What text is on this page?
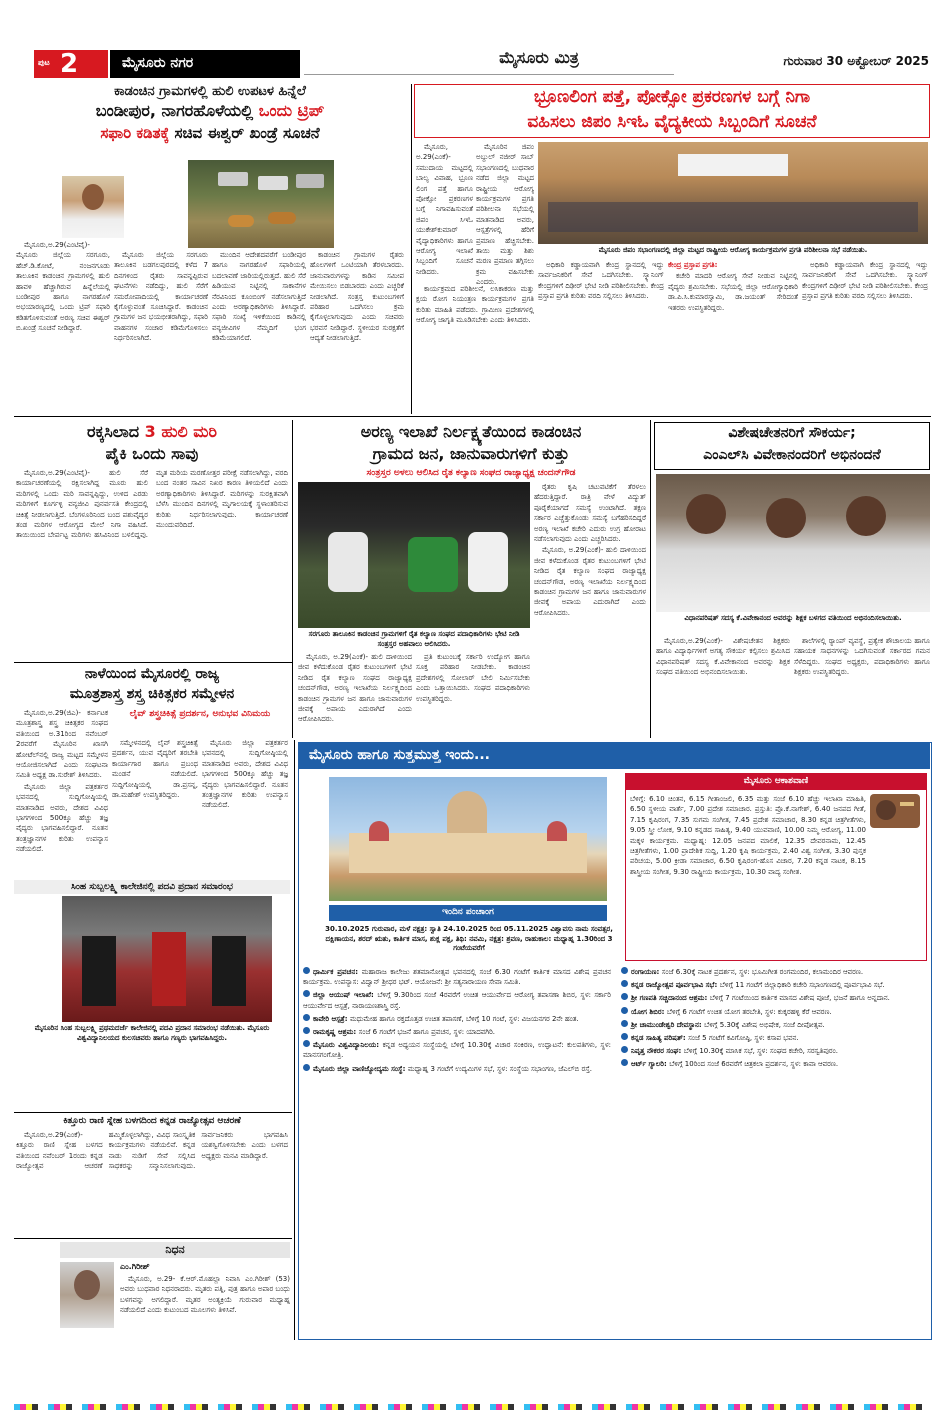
ಪುಟ 2	ಮೈಸೂರು ನಗರ	ಮೈಸೂರು ಮಿತ್ರ	ಗುರುವಾರ 30 ಅಕ್ಟೋಬರ್ 2025
ಕಾಡಂಚಿನ ಗ್ರಾಮಗಳಲ್ಲಿ ಹುಲಿ ಉಪಟಳ ಹಿನ್ನೆಲೆ
ಬಂಡೀಪುರ, ನಾಗರಹೊಳೆಯಲ್ಲಿ ಒಂದು ಟ್ರಿಪ್
ಸಫಾರಿ ಕಡಿತಕ್ಕೆ ಸಚಿವ ಈಶ್ವರ್ ಖಂಡ್ರೆ ಸೂಚನೆ

ಮೈಸೂರು,ಅ.29(ಎಂಟಿವೈ)- ಮೈಸೂರು ಜಿಲ್ಲೆಯ ಸರಗೂರು, ಹೆಚ್.ಡಿ.ಕೋಟೆ, ನಂಜನಗೂಡು ತಾಲೂಕಿನ ಕಾಡಂಚಿನ ಗ್ರಾಮಗಳಲ್ಲಿ ಹುಲಿ ಹಾವಳಿ ಹೆಚ್ಚಾಗಿರುವ ಹಿನ್ನೆಲೆಯಲ್ಲಿ ಬಂಡೀಪುರ ಹಾಗೂ ನಾಗರಹೊಳೆ ಅಭಯಾರಣ್ಯದಲ್ಲಿ ಒಂದು ಟ್ರಿಪ್ ಸಫಾರಿ ಕಡಿತಗೊಳಿಸುವಂತೆ ಅರಣ್ಯ ಸಚಿವ ಈಶ್ವರ್ ಬಿ.ಖಂಡ್ರೆ ಸೂಚನೆ ನೀಡಿದ್ದಾರೆ.

ಮೈಸೂರು ಜಿಲ್ಲೆಯ ಸರಗೂರು ತಾಲೂಕಿನ ಬಡಗಲಪುರದಲ್ಲಿ ಕಳೆದ 7 ದಿನಗಳಿಂದ ರೈತರು ಸಾವನ್ನಪ್ಪಿರುವ ಘಟನೆಗಳು ನಡೆದಿದ್ದು, ಹುಲಿ ಸೆರೆಗೆ ಸಮರೋಪಾದಿಯಲ್ಲಿ ಕಾರ್ಯಾಚರಣೆ ಕೈಗೊಳ್ಳುವಂತೆ ಸೂಚಿಸಿದ್ದಾರೆ. ಕಾಡಂಚಿನ ಗ್ರಾಮಗಳ ಜನ ಭಯಭೀತರಾಗಿದ್ದು, ಸಫಾರಿ ವಾಹನಗಳ ಸಂಚಾರ ಕಡಿಮೆಗೊಳಿಸಲು ನಿರ್ಧರಿಸಲಾಗಿದೆ.

ಮುಂದಿನ ಆದೇಶದವರೆಗೆ ಬಂಡೀಪುರ ಹಾಗೂ ನಾಗರಹೊಳೆ ಸಫಾರಿಯಲ್ಲಿ ಬದಲಾವಣೆ ಜಾರಿಯಲ್ಲಿರುತ್ತದೆ. ಹುಲಿ ಸೆರೆ ಹಿಡಿಯುವ ನಿಟ್ಟಿನಲ್ಲಿ ಸಾಕಾನೆಗಳ ನೆರವಿನಿಂದ ಕೂಂಬಿಂಗ್ ನಡೆಸಲಾಗುತ್ತಿದೆ ಎಂದು ಅರಣ್ಯಾಧಿಕಾರಿಗಳು ತಿಳಿಸಿದ್ದಾರೆ. ಸಫಾರಿ ಸಂಖ್ಯೆ ಇಳಿಕೆಯಿಂದ ಕಾಡಿನಲ್ಲಿ ವನ್ಯಜೀವಿಗಳ ನೆಮ್ಮದಿಗೆ ಭಂಗ ಕಡಿಮೆಯಾಗಲಿದೆ.

ಕಾಡಂಚಿನ ಗ್ರಾಮಗಳ ರೈತರು ಹೊಲಗಳಿಗೆ ಒಂಟಿಯಾಗಿ ತೆರಳಬಾರದು. ಜಾನುವಾರುಗಳನ್ನು ಕಾಡಿನ ಸಮೀಪ ಮೇಯಿಸಲು ಬಿಡಬಾರದು ಎಂದು ಎಚ್ಚರಿಕೆ ನೀಡಲಾಗಿದೆ. ಸಂತ್ರಸ್ತ ಕುಟುಂಬಗಳಿಗೆ ಪರಿಹಾರ ಒದಗಿಸಲು ಕ್ರಮ ಕೈಗೊಳ್ಳಲಾಗುವುದು ಎಂದು ಸಚಿವರು ಭರವಸೆ ನೀಡಿದ್ದಾರೆ. ಸ್ಥಳೀಯರ ಸುರಕ್ಷತೆಗೆ ಆದ್ಯತೆ ನೀಡಲಾಗುತ್ತಿದೆ.

ಭ್ರೂಣಲಿಂಗ ಪತ್ತೆ, ಪೋಕ್ಸೋ ಪ್ರಕರಣಗಳ ಬಗ್ಗೆ ನಿಗಾ
ವಹಿಸಲು ಜಿಪಂ ಸಿಇಓ ವೈದ್ಯಕೀಯ ಸಿಬ್ಬಂದಿಗೆ ಸೂಚನೆ

ಮೈಸೂರು, ಅ.29(ಎಂಕೆ)- ಸಮುದಾಯ ಮಟ್ಟದಲ್ಲಿ ಬಾಲ್ಯ ವಿವಾಹ, ಭ್ರೂಣ ಲಿಂಗ ಪತ್ತೆ ಹಾಗೂ ಪೋಕ್ಸೋ ಪ್ರಕರಣಗಳ ಬಗ್ಗೆ ನಿಗಾವಹಿಸುವಂತೆ ಜಿಪಂ ಸಿಇಓ ಯುಕೇಶ್‌ಕುಮಾರ್ ವೈದ್ಯಾಧಿಕಾರಿಗಳು ಹಾಗೂ ಆರೋಗ್ಯ ಇಲಾಖೆ ಸಿಬ್ಬಂದಿಗೆ ಸೂಚನೆ ನೀಡಿದರು.

ಮೈಸೂರಿನ ಜಿಪಂ ಅಬ್ದುಲ್ ನಜೀರ್ ಸಾಬ್ ಸಭಾಂಗಣದಲ್ಲಿ ಬುಧವಾರ ನಡೆದ ಜಿಲ್ಲಾ ಮಟ್ಟದ ರಾಷ್ಟ್ರೀಯ ಆರೋಗ್ಯ ಕಾರ್ಯಕ್ರಮಗಳ ಪ್ರಗತಿ ಪರಿಶೀಲನಾ ಸಭೆಯಲ್ಲಿ ಮಾತನಾಡಿದ ಅವರು, ಆಸ್ಪತ್ರೆಗಳಲ್ಲಿ ಹೆರಿಗೆ ಪ್ರಮಾಣ ಹೆಚ್ಚಿಸಬೇಕು. ತಾಯಿ ಮತ್ತು ಶಿಶು ಮರಣ ಪ್ರಮಾಣ ತಗ್ಗಿಸಲು ಕ್ರಮ ವಹಿಸಬೇಕು ಎಂದರು.

ಮೈಸೂರು ಜಿಪಂ ಸಭಾಂಗಣದಲ್ಲಿ ಜಿಲ್ಲಾ ಮಟ್ಟದ ರಾಷ್ಟ್ರೀಯ ಆರೋಗ್ಯ ಕಾರ್ಯಕ್ರಮಗಳ ಪ್ರಗತಿ ಪರಿಶೀಲನಾ ಸಭೆ ನಡೆಯಿತು.

ಕಾರ್ಯಕ್ರಮದ ಪರಿಶೀಲನೆ, ಲಸಿಕಾಕರಣ ಮತ್ತು ಕ್ಷಯ ರೋಗ ನಿಯಂತ್ರಣ ಕಾರ್ಯಕ್ರಮಗಳ ಪ್ರಗತಿ ಕುರಿತು ಮಾಹಿತಿ ಪಡೆದರು. ಗ್ರಾಮೀಣ ಪ್ರದೇಶಗಳಲ್ಲಿ ಆರೋಗ್ಯ ಜಾಗೃತಿ ಮೂಡಿಸಬೇಕು ಎಂದು ತಿಳಿಸಿದರು.

ಅಧಿಕಾರಿ ಕಡ್ಡಾಯವಾಗಿ ಕೇಂದ್ರ ಸ್ಥಾನದಲ್ಲಿ ಇದ್ದು ಸಾರ್ವಜನಿಕರಿಗೆ ಸೇವೆ ಒದಗಿಸಬೇಕು. ಸ್ಕ್ಯಾನಿಂಗ್ ಕೇಂದ್ರಗಳಿಗೆ ದಿಢೀರ್ ಭೇಟಿ ನೀಡಿ ಪರಿಶೀಲಿಸಬೇಕು. ಕೇಂದ್ರ ಪ್ರಸ್ತಾಪ ಪ್ರಗತಿ ಕುರಿತು ವರದಿ ಸಲ್ಲಿಸಲು ತಿಳಿಸಿದರು.

ಕೇಂದ್ರ ಪ್ರಸ್ತಾಪ ಪ್ರಗತಿ:

ಕಚೇರಿ ಮಾದರಿ ಆರೋಗ್ಯ ಸೇವೆ ನೀಡುವ ನಿಟ್ಟಿನಲ್ಲಿ ವೈದ್ಯರು ಶ್ರಮಿಸಬೇಕು. ಸಭೆಯಲ್ಲಿ ಜಿಲ್ಲಾ ಆರೋಗ್ಯಾಧಿಕಾರಿ ಡಾ.ಪಿ.ಸಿ.ಕುಮಾರಸ್ವಾಮಿ, ಡಾ.ಜಯಂತ್ ಸೇರಿದಂತೆ ಇತರರು ಉಪಸ್ಥಿತರಿದ್ದರು.

ಅಧಿಕಾರಿ ಕಡ್ಡಾಯವಾಗಿ ಕೇಂದ್ರ ಸ್ಥಾನದಲ್ಲಿ ಇದ್ದು ಸಾರ್ವಜನಿಕರಿಗೆ ಸೇವೆ ಒದಗಿಸಬೇಕು. ಸ್ಕ್ಯಾನಿಂಗ್ ಕೇಂದ್ರಗಳಿಗೆ ದಿಢೀರ್ ಭೇಟಿ ನೀಡಿ ಪರಿಶೀಲಿಸಬೇಕು. ಕೇಂದ್ರ ಪ್ರಸ್ತಾಪ ಪ್ರಗತಿ ಕುರಿತು ವರದಿ ಸಲ್ಲಿಸಲು ತಿಳಿಸಿದರು.

ರಕ್ಕಸಿಲಾದ 3 ಹುಲಿ ಮರಿ
ಪೈಕಿ ಒಂದು ಸಾವು

ಮೈಸೂರು,ಅ.29(ಎಂಟಿವೈ)- ಹುಲಿ ಸೆರೆ ಕಾರ್ಯಾಚರಣೆಯಲ್ಲಿ ರಕ್ಷಿಸಲಾಗಿದ್ದ ಮೂರು ಹುಲಿ ಮರಿಗಳಲ್ಲಿ ಒಂದು ಮರಿ ಸಾವನ್ನಪ್ಪಿದ್ದು, ಉಳಿದ ಎರಡು ಮರಿಗಳಿಗೆ ಕೂರ್ಗಳ್ಳಿ ವನ್ಯಜೀವಿ ಪುನರ್ವಸತಿ ಕೇಂದ್ರದಲ್ಲಿ ಚಿಕಿತ್ಸೆ ನೀಡಲಾಗುತ್ತಿದೆ. ಬೆಂಗಳೂರಿನಿಂದ ಬಂದ ಪಶುವೈದ್ಯರ ತಂಡ ಮರಿಗಳ ಆರೋಗ್ಯದ ಮೇಲೆ ನಿಗಾ ವಹಿಸಿದೆ. ತಾಯಿಯಿಂದ ಬೇರ್ಪಟ್ಟ ಮರಿಗಳು ಹಸಿವಿನಿಂದ ಬಳಲಿದ್ದವು. ಮೃತ ಮರಿಯ ಮರಣೋತ್ತರ ಪರೀಕ್ಷೆ ನಡೆಸಲಾಗಿದ್ದು, ವರದಿ ಬಂದ ನಂತರ ಸಾವಿನ ನಿಖರ ಕಾರಣ ತಿಳಿಯಲಿದೆ ಎಂದು ಅರಣ್ಯಾಧಿಕಾರಿಗಳು ತಿಳಿಸಿದ್ದಾರೆ. ಮರಿಗಳನ್ನು ಸುರಕ್ಷಿತವಾಗಿ ಬೆಳೆಸಿ ಮುಂದಿನ ದಿನಗಳಲ್ಲಿ ಮೃಗಾಲಯಕ್ಕೆ ಸ್ಥಳಾಂತರಿಸುವ ಕುರಿತು ನಿರ್ಧರಿಸಲಾಗುವುದು. ಕಾರ್ಯಾಚರಣೆ ಮುಂದುವರಿದಿದೆ.

ಅರಣ್ಯ ಇಲಾಖೆ ನಿರ್ಲಕ್ಷ್ಯತೆಯಿಂದ ಕಾಡಂಚಿನ
ಗ್ರಾಮದ ಜನ, ಜಾನುವಾರುಗಳಿಗೆ ಕುತ್ತು
ಸಂತ್ರಸ್ತರ ಅಳಲು ಆಲಿಸಿದ ರೈತ ಕಲ್ಯಾಣ ಸಂಘದ ರಾಜ್ಯಾಧ್ಯಕ್ಷ ಚಂದನ್‌ಗೌಡ
ಸರಗೂರು ತಾಲೂಕಿನ ಕಾಡಂಚಿನ ಗ್ರಾಮಗಳಿಗೆ ರೈತ ಕಲ್ಯಾಣ ಸಂಘದ ಪದಾಧಿಕಾರಿಗಳು ಭೇಟಿ ನೀಡಿ ಸಂತ್ರಸ್ತರ ಅಹವಾಲು ಆಲಿಸಿದರು.

ಮೈಸೂರು, ಅ.29(ಎಂಕೆ)- ಹುಲಿ ದಾಳಿಯಿಂದ ಜೀವ ಕಳೆದುಕೊಂಡ ರೈತರ ಕುಟುಂಬಗಳಿಗೆ ಭೇಟಿ ನೀಡಿದ ರೈತ ಕಲ್ಯಾಣ ಸಂಘದ ರಾಜ್ಯಾಧ್ಯಕ್ಷ ಚಂದನ್‌ಗೌಡ, ಅರಣ್ಯ ಇಲಾಖೆಯ ನಿರ್ಲಕ್ಷ್ಯದಿಂದ ಕಾಡಂಚಿನ ಗ್ರಾಮಗಳ ಜನ ಹಾಗೂ ಜಾನುವಾರುಗಳ ಜೀವಕ್ಕೆ ಅಪಾಯ ಎದುರಾಗಿದೆ ಎಂದು ಆರೋಪಿಸಿದರು.

ಪ್ರತಿ ಕುಟುಂಬಕ್ಕೆ ಸರ್ಕಾರಿ ಉದ್ಯೋಗ ಹಾಗೂ ಸೂಕ್ತ ಪರಿಹಾರ ನೀಡಬೇಕು. ಕಾಡಂಚಿನ ಪ್ರದೇಶಗಳಲ್ಲಿ ಸೋಲಾರ್ ಬೇಲಿ ನಿರ್ಮಿಸಬೇಕು ಎಂದು ಒತ್ತಾಯಿಸಿದರು. ಸಂಘದ ಪದಾಧಿಕಾರಿಗಳು ಉಪಸ್ಥಿತರಿದ್ದರು.

ರೈತರು ಕೃಷಿ ಚಟುವಟಿಕೆಗೆ ತೆರಳಲು ಹೆದರುತ್ತಿದ್ದಾರೆ. ರಾತ್ರಿ ವೇಳೆ ವಿದ್ಯುತ್ ಪೂರೈಕೆಯಾಗದೆ ಸಮಸ್ಯೆ ಉಂಟಾಗಿದೆ. ತಕ್ಷಣ ಸರ್ಕಾರ ಎಚ್ಚೆತ್ತುಕೊಂಡು ಸಮಸ್ಯೆ ಬಗೆಹರಿಸದಿದ್ದರೆ ಅರಣ್ಯ ಇಲಾಖೆ ಕಚೇರಿ ಎದುರು ಉಗ್ರ ಹೋರಾಟ ನಡೆಸಲಾಗುವುದು ಎಂದು ಎಚ್ಚರಿಸಿದರು.

ಮೈಸೂರು, ಅ.29(ಎಂಕೆ)- ಹುಲಿ ದಾಳಿಯಿಂದ ಜೀವ ಕಳೆದುಕೊಂಡ ರೈತರ ಕುಟುಂಬಗಳಿಗೆ ಭೇಟಿ ನೀಡಿದ ರೈತ ಕಲ್ಯಾಣ ಸಂಘದ ರಾಜ್ಯಾಧ್ಯಕ್ಷ ಚಂದನ್‌ಗೌಡ, ಅರಣ್ಯ ಇಲಾಖೆಯ ನಿರ್ಲಕ್ಷ್ಯದಿಂದ ಕಾಡಂಚಿನ ಗ್ರಾಮಗಳ ಜನ ಹಾಗೂ ಜಾನುವಾರುಗಳ ಜೀವಕ್ಕೆ ಅಪಾಯ ಎದುರಾಗಿದೆ ಎಂದು ಆರೋಪಿಸಿದರು.

ವಿಶೇಷಚೇತನರಿಗೆ ಸೌಕರ್ಯ;
ಎಂಎಲ್‌ಸಿ ವಿವೇಕಾನಂದರಿಗೆ ಅಭಿನಂದನೆ
ವಿಧಾನಪರಿಷತ್ ಸದಸ್ಯ ಕೆ.ವಿವೇಕಾನಂದ ಅವರನ್ನು ಶಿಕ್ಷಕ ಬಳಗದ ವತಿಯಿಂದ ಅಭಿನಂದಿಸಲಾಯಿತು.

ಮೈಸೂರು,ಅ.29(ಎಂಕೆ)- ವಿಶೇಷಚೇತನ ಶಿಕ್ಷಕರು ಹಾಗೂ ವಿದ್ಯಾರ್ಥಿಗಳಿಗೆ ಅಗತ್ಯ ಸೌಕರ್ಯ ಕಲ್ಪಿಸಲು ಶ್ರಮಿಸಿದ ವಿಧಾನಪರಿಷತ್ ಸದಸ್ಯ ಕೆ.ವಿವೇಕಾನಂದ ಅವರನ್ನು ಶಿಕ್ಷಕ ಸಂಘದ ವತಿಯಿಂದ ಅಭಿನಂದಿಸಲಾಯಿತು.

ಶಾಲೆಗಳಲ್ಲಿ ರ್‍ಯಾಂಪ್ ವ್ಯವಸ್ಥೆ, ಪ್ರತ್ಯೇಕ ಶೌಚಾಲಯ ಹಾಗೂ ಸಹಾಯಕ ಸಾಧನಗಳನ್ನು ಒದಗಿಸುವಂತೆ ಸರ್ಕಾರದ ಗಮನ ಸೆಳೆದಿದ್ದರು. ಸಂಘದ ಅಧ್ಯಕ್ಷರು, ಪದಾಧಿಕಾರಿಗಳು ಹಾಗೂ ಶಿಕ್ಷಕರು ಉಪಸ್ಥಿತರಿದ್ದರು.

ನಾಳೆಯಿಂದ ಮೈಸೂರಲ್ಲಿ ರಾಜ್ಯ
ಮೂತ್ರಶಾಸ್ತ್ರ ಶಸ್ತ್ರ ಚಿಕಿತ್ಸಕರ ಸಮ್ಮೇಳನ

ಮೈಸೂರು,ಅ.29(ಜಿಎ)- ಕರ್ನಾಟಕ ಮೂತ್ರಶಾಸ್ತ್ರ ಶಸ್ತ್ರ ಚಿಕಿತ್ಸಕರ ಸಂಘದ ವತಿಯಿಂದ ಅ.31ರಿಂದ ನವೆಂಬರ್ 2ರವರೆಗೆ ಮೈಸೂರಿನ ಖಾಸಗಿ ಹೋಟೆಲ್‌ನಲ್ಲಿ ರಾಜ್ಯ ಮಟ್ಟದ ಸಮ್ಮೇಳನ ಆಯೋಜಿಸಲಾಗಿದೆ ಎಂದು ಸಂಘಟನಾ ಸಮಿತಿ ಅಧ್ಯಕ್ಷ ಡಾ.ಸುರೇಶ್ ತಿಳಿಸಿದರು.

ಮೈಸೂರು ಜಿಲ್ಲಾ ಪತ್ರಕರ್ತರ ಭವನದಲ್ಲಿ ಸುದ್ದಿಗೋಷ್ಠಿಯಲ್ಲಿ ಮಾತನಾಡಿದ ಅವರು, ದೇಶದ ವಿವಿಧ ಭಾಗಗಳಿಂದ 500ಕ್ಕೂ ಹೆಚ್ಚು ತಜ್ಞ ವೈದ್ಯರು ಭಾಗವಹಿಸಲಿದ್ದಾರೆ. ನೂತನ ತಂತ್ರಜ್ಞಾನಗಳ ಕುರಿತು ಉಪನ್ಯಾಸ ನಡೆಯಲಿದೆ.

ಲೈವ್ ಶಸ್ತ್ರಚಿಕಿತ್ಸೆ ಪ್ರದರ್ಶನ, ಅನುಭವ ವಿನಿಮಯ

ಸಮ್ಮೇಳನದಲ್ಲಿ ಲೈವ್ ಶಸ್ತ್ರಚಿಕಿತ್ಸೆ ಪ್ರದರ್ಶನ, ಯುವ ವೈದ್ಯರಿಗೆ ತರಬೇತಿ ಕಾರ್ಯಾಗಾರ ಹಾಗೂ ಪ್ರಬಂಧ ಮಂಡನೆ ನಡೆಯಲಿದೆ. ಸುದ್ದಿಗೋಷ್ಠಿಯಲ್ಲಿ ಡಾ.ಪ್ರಸನ್ನ, ಡಾ.ಮಹೇಶ್ ಉಪಸ್ಥಿತರಿದ್ದರು.

ಮೈಸೂರು ಜಿಲ್ಲಾ ಪತ್ರಕರ್ತರ ಭವನದಲ್ಲಿ ಸುದ್ದಿಗೋಷ್ಠಿಯಲ್ಲಿ ಮಾತನಾಡಿದ ಅವರು, ದೇಶದ ವಿವಿಧ ಭಾಗಗಳಿಂದ 500ಕ್ಕೂ ಹೆಚ್ಚು ತಜ್ಞ ವೈದ್ಯರು ಭಾಗವಹಿಸಲಿದ್ದಾರೆ. ನೂತನ ತಂತ್ರಜ್ಞಾನಗಳ ಕುರಿತು ಉಪನ್ಯಾಸ ನಡೆಯಲಿದೆ.

ಸಿಂಹ ಸುಬ್ಬಲಕ್ಷ್ಮಿ ಕಾಲೇಜಿನಲ್ಲಿ ಪದವಿ ಪ್ರದಾನ ಸಮಾರಂಭ
ಮೈಸೂರಿನ ಸಿಂಹ ಸುಬ್ಬಲಕ್ಷ್ಮಿ ಪ್ರಥಮದರ್ಜೆ ಕಾಲೇಜಿನಲ್ಲಿ ಪದವಿ ಪ್ರದಾನ ಸಮಾರಂಭ ನಡೆಯಿತು. ಮೈಸೂರು ವಿಶ್ವವಿದ್ಯಾನಿಲಯದ ಕುಲಸಚಿವರು ಹಾಗೂ ಗಣ್ಯರು ಭಾಗವಹಿಸಿದ್ದರು.
ಕಿತ್ತೂರು ರಾಣಿ ಸ್ನೇಹ ಬಳಗದಿಂದ ಕನ್ನಡ ರಾಜ್ಯೋತ್ಸವ ಆಚರಣೆ

ಮೈಸೂರು,ಅ.29(ಎಂಕೆ)- ಕಿತ್ತೂರು ರಾಣಿ ಸ್ನೇಹ ಬಳಗದ ವತಿಯಿಂದ ನವೆಂಬರ್ 1ರಂದು ಕನ್ನಡ ರಾಜ್ಯೋತ್ಸವ ಆಚರಣೆ ಹಮ್ಮಿಕೊಳ್ಳಲಾಗಿದ್ದು, ವಿವಿಧ ಸಾಂಸ್ಕೃತಿಕ ಕಾರ್ಯಕ್ರಮಗಳು ನಡೆಯಲಿವೆ. ಕನ್ನಡ ನಾಡು ನುಡಿಗೆ ಸೇವೆ ಸಲ್ಲಿಸಿದ ಸಾಧಕರನ್ನು ಸನ್ಮಾನಿಸಲಾಗುವುದು. ಸಾರ್ವಜನಿಕರು ಭಾಗವಹಿಸಿ ಯಶಸ್ವಿಗೊಳಿಸಬೇಕು ಎಂದು ಬಳಗದ ಅಧ್ಯಕ್ಷರು ಮನವಿ ಮಾಡಿದ್ದಾರೆ.

ನಿಧನ
ಎಂ.ಗಿರೀಶ್

ಮೈಸೂರು, ಅ.29- ಕೆ.ಆರ್.ಮೊಹಲ್ಲಾ ನಿವಾಸಿ ಎಂ.ಗಿರೀಶ್ (53) ಅವರು ಬುಧವಾರ ನಿಧನರಾದರು. ಮೃತರು ಪತ್ನಿ, ಪುತ್ರ ಹಾಗೂ ಅಪಾರ ಬಂಧು ಬಳಗವನ್ನು ಅಗಲಿದ್ದಾರೆ. ಮೃತರ ಅಂತ್ಯಕ್ರಿಯೆ ಗುರುವಾರ ಮಧ್ಯಾಹ್ನ ನಡೆಯಲಿದೆ ಎಂದು ಕುಟುಂಬದ ಮೂಲಗಳು ತಿಳಿಸಿವೆ.

ಮೈಸೂರು ಹಾಗೂ ಸುತ್ತಮುತ್ತ ಇಂದು...
ಇಂದಿನ ಪಂಚಾಂಗ
30.10.2025 ಗುರುವಾರ, ಮಳೆ ನಕ್ಷತ್ರ: ಸ್ವಾತಿ 24.10.2025 ರಿಂದ 05.11.2025 ವಿಶ್ವಾವಸು ನಾಮ ಸಂವತ್ಸರ, ದಕ್ಷಿಣಾಯನ, ಶರದ್ ಋತು, ಕಾರ್ತಿಕ ಮಾಸ, ಶುಕ್ಲ ಪಕ್ಷ, ತಿಥಿ: ನವಮಿ, ನಕ್ಷತ್ರ: ಶ್ರವಣ, ರಾಹುಕಾಲ: ಮಧ್ಯಾಹ್ನ 1.30ರಿಂದ 3 ಗಂಟೆಯವರೆಗೆ
ಮೈಸೂರು ಆಕಾಶವಾಣಿ
ಬೆಳಿಗ್ಗೆ: 6.10 ಚಿಂತನ, 6.15 ಗೀತಾಂಜಲಿ, 6.35 ಮತ್ತು ಸಂಜೆ 6.10 ಹೆಚ್ಚು ಇಲಾಖಾ ಮಾಹಿತಿ, 6.50 ಸ್ಥಳೀಯ ವಾರ್ತೆ, 7.00 ಪ್ರದೇಶ ಸಮಾಚಾರ. ಪ್ರಸ್ತುತಿ: ಪ್ರೊ.ಕೆ.ನಾಗೇಶ್, 6.40 ಜನಪದ ಗೀತೆ, 7.15 ಕೃಷಿರಂಗ, 7.35 ಸುಗಮ ಸಂಗೀತ, 7.45 ಪ್ರದೇಶ ಸಮಾಚಾರ, 8.30 ಕನ್ನಡ ಚಿತ್ರಗೀತೆಗಳು, 9.05 ಸ್ತ್ರೀ ಲೋಕ, 9.10 ಕನ್ನಡದ ಸಾಹಿತ್ಯ, 9.40 ಯುವವಾಣಿ, 10.00 ನಿಮ್ಮ ಆರೋಗ್ಯ, 11.00 ಮಕ್ಕಳ ಕಾರ್ಯಕ್ರಮ. ಮಧ್ಯಾಹ್ನ: 12.05 ಜನಪದ ಮಾಲಿಕೆ, 12.35 ದೇವರನಾಮ, 12.45 ಚಿತ್ರಗೀತೆಗಳು, 1.00 ಪ್ರಾದೇಶಿಕ ಸುದ್ದಿ, 1.20 ಕೃಷಿ ಕಾರ್ಯಕ್ರಮ, 2.40 ವಿಶ್ವ ಸಂಗೀತ, 3.30 ಪುಸ್ತಕ ಪರಿಚಯ, 5.00 ಕ್ರೀಡಾ ಸಮಾಚಾರ, 6.50 ಕೃಷಿರಂಗ-ಹೊಸ ವಿಚಾರ, 7.20 ಕನ್ನಡ ನಾಟಕ, 8.15 ಶಾಸ್ತ್ರೀಯ ಸಂಗೀತ, 9.30 ರಾಷ್ಟ್ರೀಯ ಕಾರ್ಯಕ್ರಮ, 10.30 ವಾದ್ಯ ಸಂಗೀತ.
ಧಾರ್ಮಿಕ ಪ್ರವಚನ: ಮಹಾರಾಜ ಕಾಲೇಜು ಶತಮಾನೋತ್ಸವ ಭವನದಲ್ಲಿ ಸಂಜೆ 6.30 ಗಂಟೆಗೆ ಕಾರ್ತಿಕ ಮಾಸದ ವಿಶೇಷ ಪ್ರವಚನ ಕಾರ್ಯಕ್ರಮ. ಉಪನ್ಯಾಸ: ವಿದ್ವಾನ್ ಶ್ರೀಧರ ಭಟ್. ಆಯೋಜನೆ: ಶ್ರೀ ಸತ್ಯನಾರಾಯಣ ಸೇವಾ ಸಮಿತಿ.
ಜಿಲ್ಲಾ ಆಯುಷ್ ಇಲಾಖೆ: ಬೆಳಿಗ್ಗೆ 9.30ರಿಂದ ಸಂಜೆ 4ರವರೆಗೆ ಉಚಿತ ಆಯುರ್ವೇದ ಆರೋಗ್ಯ ತಪಾಸಣಾ ಶಿಬಿರ, ಸ್ಥಳ: ಸರ್ಕಾರಿ ಆಯುರ್ವೇದ ಆಸ್ಪತ್ರೆ, ನಾರಾಯಣಶಾಸ್ತ್ರಿ ರಸ್ತೆ.
ಕಾವೇರಿ ಆಸ್ಪತ್ರೆ: ಮಧುಮೇಹ ಹಾಗೂ ರಕ್ತದೊತ್ತಡ ಉಚಿತ ತಪಾಸಣೆ, ಬೆಳಿಗ್ಗೆ 10 ಗಂಟೆ, ಸ್ಥಳ: ವಿಜಯನಗರ 2ನೇ ಹಂತ.
ರಾಮಕೃಷ್ಣ ಆಶ್ರಮ: ಸಂಜೆ 6 ಗಂಟೆಗೆ ಭಜನೆ ಹಾಗೂ ಪ್ರವಚನ, ಸ್ಥಳ: ಯಾದವಗಿರಿ.
ಮೈಸೂರು ವಿಶ್ವವಿದ್ಯಾನಿಲಯ: ಕನ್ನಡ ಅಧ್ಯಯನ ಸಂಸ್ಥೆಯಲ್ಲಿ ಬೆಳಿಗ್ಗೆ 10.30ಕ್ಕೆ ವಿಚಾರ ಸಂಕಿರಣ, ಉದ್ಘಾಟನೆ: ಕುಲಪತಿಗಳು, ಸ್ಥಳ: ಮಾನಸಗಂಗೋತ್ರಿ.
ಮೈಸೂರು ಜಿಲ್ಲಾ ವಾಣಿಜ್ಯೋದ್ಯಮ ಸಂಸ್ಥೆ: ಮಧ್ಯಾಹ್ನ 3 ಗಂಟೆಗೆ ಉದ್ಯಮಿಗಳ ಸಭೆ, ಸ್ಥಳ: ಸಂಸ್ಥೆಯ ಸಭಾಂಗಣ, ಜೆಎಲ್‌ಬಿ ರಸ್ತೆ.
ರಂಗಾಯಣ: ಸಂಜೆ 6.30ಕ್ಕೆ ನಾಟಕ ಪ್ರದರ್ಶನ, ಸ್ಥಳ: ಭೂಮಿಗೀತ ರಂಗಮಂದಿರ, ಕಲಾಮಂದಿರ ಆವರಣ.
ಕನ್ನಡ ರಾಜ್ಯೋತ್ಸವ ಪೂರ್ವಭಾವಿ ಸಭೆ: ಬೆಳಿಗ್ಗೆ 11 ಗಂಟೆಗೆ ಜಿಲ್ಲಾಧಿಕಾರಿ ಕಚೇರಿ ಸಭಾಂಗಣದಲ್ಲಿ ಪೂರ್ವಭಾವಿ ಸಭೆ.
ಶ್ರೀ ಗಣಪತಿ ಸಚ್ಚಿದಾನಂದ ಆಶ್ರಮ: ಬೆಳಿಗ್ಗೆ 7 ಗಂಟೆಯಿಂದ ಕಾರ್ತಿಕ ಮಾಸದ ವಿಶೇಷ ಪೂಜೆ, ಭಜನೆ ಹಾಗೂ ಅನ್ನದಾನ.
ಯೋಗ ಶಿಬಿರ: ಬೆಳಿಗ್ಗೆ 6 ಗಂಟೆಗೆ ಉಚಿತ ಯೋಗ ತರಬೇತಿ, ಸ್ಥಳ: ಕುಕ್ಕರಹಳ್ಳಿ ಕೆರೆ ಆವರಣ.
ಶ್ರೀ ಚಾಮುಂಡೇಶ್ವರಿ ದೇವಸ್ಥಾನ: ಬೆಳಿಗ್ಗೆ 5.30ಕ್ಕೆ ವಿಶೇಷ ಅಭಿಷೇಕ, ಸಂಜೆ ದೀಪೋತ್ಸವ.
ಕನ್ನಡ ಸಾಹಿತ್ಯ ಪರಿಷತ್: ಸಂಜೆ 5 ಗಂಟೆಗೆ ಕವಿಗೋಷ್ಠಿ, ಸ್ಥಳ: ಕಸಾಪ ಭವನ.
ನಿವೃತ್ತ ನೌಕರರ ಸಂಘ: ಬೆಳಿಗ್ಗೆ 10.30ಕ್ಕೆ ಮಾಸಿಕ ಸಭೆ, ಸ್ಥಳ: ಸಂಘದ ಕಚೇರಿ, ಸರಸ್ವತಿಪುರಂ.
ಆರ್ಟ್ ಗ್ಯಾಲರಿ: ಬೆಳಿಗ್ಗೆ 10ರಿಂದ ಸಂಜೆ 6ರವರೆಗೆ ಚಿತ್ರಕಲಾ ಪ್ರದರ್ಶನ, ಸ್ಥಳ: ಕಾವಾ ಆವರಣ.
